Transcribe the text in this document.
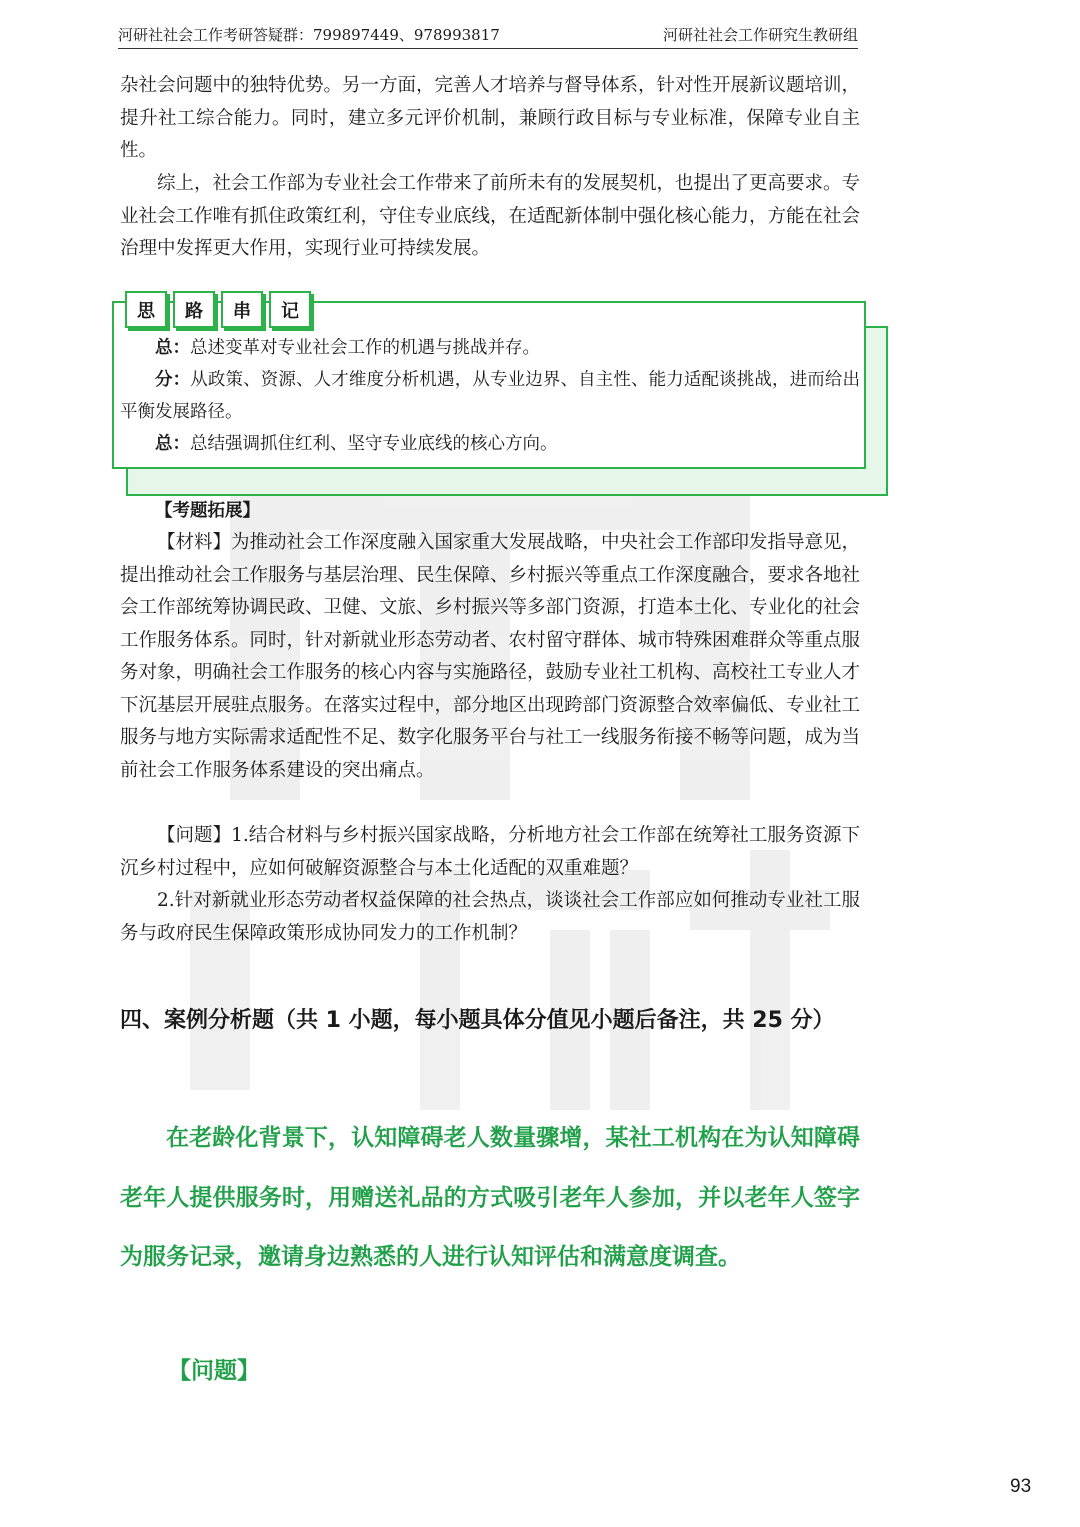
河研社社会工作考研答疑群：799897449、978993817	河研社社会工作研究生教研组

杂社会问题中的独特优势。另一方面，完善人才培养与督导体系，针对性开展新议题培训，提升社工综合能力。同时，建立多元评价机制，兼顾行政目标与专业标准，保障专业自主性。

综上，社会工作部为专业社会工作带来了前所未有的发展契机，也提出了更高要求。专业社会工作唯有抓住政策红利，守住专业底线，在适配新体制中强化核心能力，方能在社会治理中发挥更大作用，实现行业可持续发展。

思	路	串	记

总：总述变革对专业社会工作的机遇与挑战并存。

分：从政策、资源、人才维度分析机遇，从专业边界、自主性、能力适配谈挑战，进而给出平衡发展路径。

总：总结强调抓住红利、坚守专业底线的核心方向。

【考题拓展】

【材料】为推动社会工作深度融入国家重大发展战略，中央社会工作部印发指导意见，提出推动社会工作服务与基层治理、民生保障、乡村振兴等重点工作深度融合，要求各地社会工作部统筹协调民政、卫健、文旅、乡村振兴等多部门资源，打造本土化、专业化的社会工作服务体系。同时，针对新就业形态劳动者、农村留守群体、城市特殊困难群众等重点服务对象，明确社会工作服务的核心内容与实施路径，鼓励专业社工机构、高校社工专业人才下沉基层开展驻点服务。在落实过程中，部分地区出现跨部门资源整合效率偏低、专业社工服务与地方实际需求适配性不足、数字化服务平台与社工一线服务衔接不畅等问题，成为当前社会工作服务体系建设的突出痛点。

【问题】1.结合材料与乡村振兴国家战略，分析地方社会工作部在统筹社工服务资源下沉乡村过程中，应如何破解资源整合与本土化适配的双重难题？

2.针对新就业形态劳动者权益保障的社会热点，谈谈社会工作部应如何推动专业社工服务与政府民生保障政策形成协同发力的工作机制？

四、案例分析题（共 1 小题，每小题具体分值见小题后备注，共 25 分）

在老龄化背景下，认知障碍老人数量骤增，某社工机构在为认知障碍老年人提供服务时，用赠送礼品的方式吸引老年人参加，并以老年人签字为服务记录，邀请身边熟悉的人进行认知评估和满意度调查。

【问题】
93
